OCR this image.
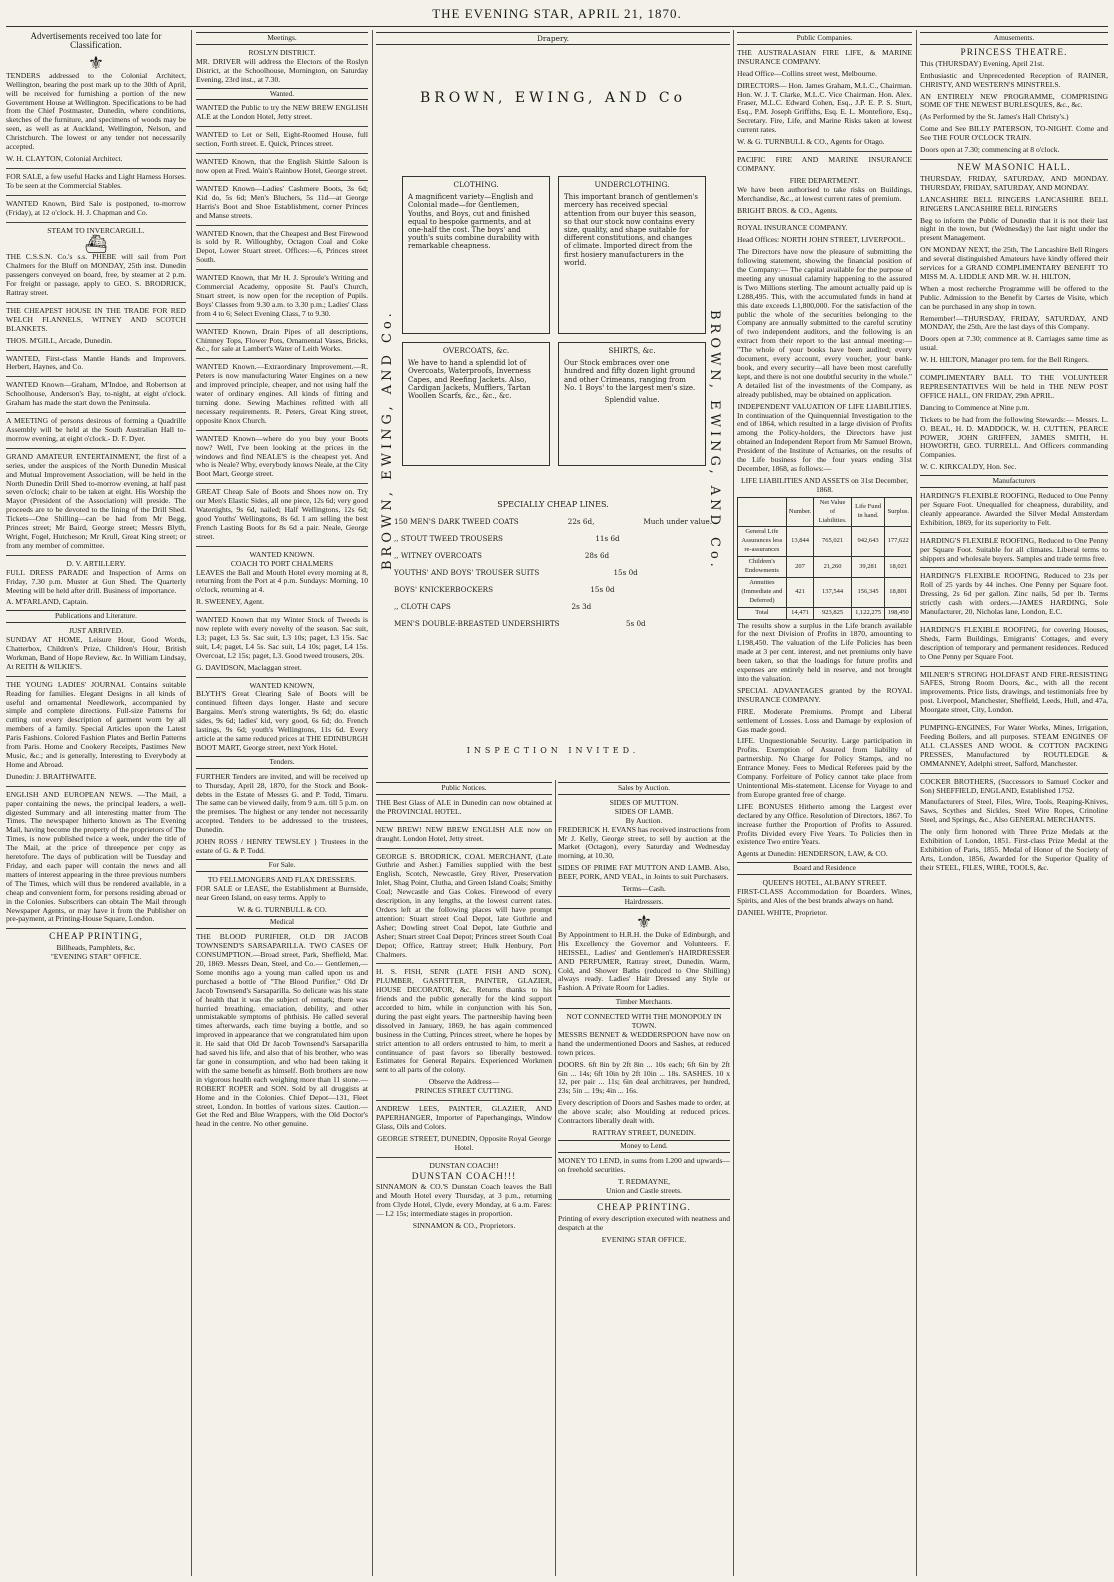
THE EVENING STAR, APRIL 21, 1870.
Advertisements received too late for Classification.
⚜

TENDERS addressed to the Colonial Architect, Wellington, bearing the post mark up to the 30th of April, will be received for furnishing a portion of the new Government House at Wellington. Specifications to be had from the Chief Postmaster, Dunedin, where conditions, sketches of the furniture, and specimens of woods may be seen, as well as at Auckland, Wellington, Nelson, and Christchurch. The lowest or any tender not necessarily accepted.

W. H. CLAYTON, Colonial Architect.

FOR SALE, a few useful Hacks and Light Harness Horses. To be seen at the Commercial Stables.

WANTED Known, Bird Sale is postponed, to-morrow (Friday), at 12 o'clock. H. J. Chapman and Co.

STEAM TO INVERCARGILL.
⛴

THE C.S.S.N. Co.'s s.s. PHEBE will sail from Port Chalmers for the Bluff on MONDAY, 25th inst. Dunedin passengers conveyed on board, free, by steamer at 2 p.m. For freight or passage, apply to GEO. S. BRODRICK, Rattray street.

THE CHEAPEST HOUSE IN THE TRADE FOR RED WELCH FLANNELS, WITNEY AND SCOTCH BLANKETS.

THOS. M'GILL, Arcade, Dunedin.

WANTED, First-class Mantle Hands and Improvers. Herbert, Haynes, and Co.

WANTED Known—Graham, M'Indoe, and Robertson at Schoolhouse, Anderson's Bay, to-night, at eight o'clock. Graham has made the start down the Peninsula.

A MEETING of persons desirous of forming a Quadrille Assembly will be held at the South Australian Hall to-morrow evening, at eight o'clock.- D. F. Dyer.

GRAND AMATEUR ENTERTAINMENT, the first of a series, under the auspices of the North Dunedin Musical and Mutual Improvement Association, will be held in the North Dunedin Drill Shed to-morrow evening, at half past seven o'clock; chair to be taken at eight. His Worship the Mayor (President of the Association) will preside. The proceeds are to be devoted to the lining of the Drill Shed. Tickets—One Shilling—can be had from Mr Begg, Princes street; Mr Baird, George street; Messrs Blyth, Wright, Fogel, Hutcheson; Mr Krull, Great King street; or from any member of committee.

D. V. ARTILLERY.

FULL DRESS PARADE and Inspection of Arms on Friday, 7.30 p.m. Muster at Gun Shed. The Quarterly Meeting will be held after drill. Business of importance.

A. M'FARLAND, Captain.

Publications and Literature.
JUST ARRIVED.

SUNDAY AT HOME, Leisure Hour, Good Words, Chatterbox, Children's Prize, Children's Hour, British Workman, Band of Hope Review, &c. In William Lindsay, At REITH & WILKIE'S.

THE YOUNG LADIES' JOURNAL Contains suitable Reading for families. Elegant Designs in all kinds of useful and ornamental Needlework, accompanied by simple and complete directions. Full-size Patterns for cutting out every description of garment worn by all members of a family. Special Articles upon the Latest Paris Fashions. Colored Fashion Plates and Berlin Patterns from Paris. Home and Cookery Receipts, Pastimes New Music, &c.; and is generally, Interesting to Everybody at Home and Abroad.

Dunedin: J. BRAITHWAITE.

ENGLISH AND EUROPEAN NEWS. —The Mail, a paper containing the news, the principal leaders, a well-digested Summary and all interesting matter from The Times. The newspaper hitherto known as The Evening Mail, having become the property of the proprietors of The Times, is now published twice a week, under the title of The Mail, at the price of threepence per copy as heretofore. The days of publication will be Tuesday and Friday, and each paper will contain the news and all matters of interest appearing in the three previous numbers of The Times, which will thus be rendered available, in a cheap and convenient form, for persons residing abroad or in the Colonies. Subscribers can obtain The Mail through Newspaper Agents, or may have it from the Publisher on pre-payment, at Printing-House Square, London.

CHEAP PRINTING,
Billheads, Pamphlets, &c.
"EVENING STAR" OFFICE.
Meetings.
ROSLYN DISTRICT.

MR. DRIVER will address the Electors of the Roslyn District, at the Schoolhouse, Mornington, on Saturday Evening, 23rd inst., at 7.30.

Wanted.

WANTED the Public to try the NEW BREW ENGLISH ALE at the London Hotel, Jetty street.

WANTED to Let or Sell, Eight-Roomed House, full section, Forth street. E. Quick, Princes street.

WANTED Known, that the English Skittle Saloon is now open at Fred. Wain's Rainbow Hotel, George street.

WANTED Known—Ladies' Cashmere Boots, 3s 6d; Kid do, 5s 6d; Men's Bluchers, 5s 11d—at George Harris's Boot and Shoe Establishment, corner Princes and Manse streets.

WANTED Known, that the Cheapest and Best Firewood is sold by R. Willoughby, Octagon Coal and Coke Depot, Lower Stuart street. Offices:—6, Princes street South.

WANTED Known, that Mr H. J. Sproule's Writing and Commercial Academy, opposite St. Paul's Church, Stuart street, is now open for the reception of Pupils. Boys' Classes from 9.30 a.m. to 3.30 p.m.; Ladies' Class from 4 to 6; Select Evening Class, 7 to 9.30.

WANTED Known, Drain Pipes of all descriptions, Chimney Tops, Flower Pots, Ornamental Vases, Bricks, &c., for sale at Lambert's Water of Leith Works.

WANTED Known.—Extraordinary Improvement.—R. Peters is now manufacturing Water Engines on a new and improved principle, cheaper, and not using half the water of ordinary engines. All kinds of fitting and turning done. Sewing Machines refitted with all necessary requirements. R. Peters, Great King street, opposite Knox Church.

WANTED Known—where do you buy your Boots now? Well, I've been looking at the prices in the windows and find NEALE'S is the cheapest yet. And who is Neale? Why, everybody knows Neale, at the City Boot Mart, George street.

GREAT Cheap Sale of Boots and Shoes now on. Try our Men's Elastic Sides, all one piece, 12s 6d; very good Watertights, 9s 6d, nailed; Half Wellingtons, 12s 6d; good Youths' Wellingtons, 8s 6d. I am selling the best French Lasting Boots for 8s 6d a pair. Neale, George street.

WANTED KNOWN.
COACH TO PORT CHALMERS

LEAVES the Ball and Mouth Hotel every morning at 8, returning from the Port at 4 p.m. Sundays: Morning, 10 o'clock, returning at 4.

R. SWEENEY, Agent.

WANTED Known that my Winter Stock of Tweeds is now replete with every novelty of the season. Sac suit, L3; paget, L3 5s. Sac suit, L3 10s; paget, L3 15s. Sac suit, L4; paget, L4 5s. Sac suit, L4 10s; paget, L4 15s. Overcoat, L2 15s; paget, L3. Good tweed trousers, 20s.

G. DAVIDSON, Maclaggan street.

WANTED KNOWN,

BLYTH'S Great Clearing Sale of Boots will be continued fifteen days longer. Haste and secure Bargains. Men's strong watertights, 9s 6d; do. elastic sides, 9s 6d; ladies' kid, very good, 6s 6d; do. French lastings, 9s 6d; youth's Wellingtons, 11s 6d. Every article at the same reduced prices at THE EDINBURGH BOOT MART, George street, next York Hotel.

Tenders.

FURTHER Tenders are invited, and will be received up to Thursday, April 28, 1870, for the Stock and Book-debts in the Estate of Messrs G. and P. Todd, Timaru. The same can be viewed daily, from 9 a.m. till 5 p.m. on the premises. The highest or any tender not necessarily accepted. Tenders to be addressed to the trustees, Dunedin.

JOHN ROSS / HENRY TEWSLEY } Trustees in the estate of G. & P. Todd.

For Sale.
TO FELLMONGERS AND FLAX DRESSERS.

FOR SALE or LEASE, the Establishment at Burnside, near Green Island, on easy terms. Apply to

W. & G. TURNBULL & CO.
Medical

THE BLOOD PURIFIER, OLD DR JACOB TOWNSEND'S SARSAPARILLA. TWO CASES OF CONSUMPTION.—Broad street, Park, Sheffield, Mar. 20, 1869. Messrs Dean, Steel, and Co.— Gentlemen,—Some months ago a young man called upon us and purchased a bottle of "The Blood Purifier," Old Dr Jacob Townsend's Sarsaparilla. So delicate was his state of health that it was the subject of remark; there was hurried breathing, emaciation, debility, and other unmistakable symptoms of phthisis. He called several times afterwards, each time buying a bottle, and so improved in appearance that we congratulated him upon it. He said that Old Dr Jacob Townsend's Sarsaparilla had saved his life, and also that of his brother, who was far gone in consumption, and who had been taking it with the same benefit as himself. Both brothers are now in vigorous health each weighing more than 11 stone.— ROBERT ROPER and SON. Sold by all druggists at Home and in the Colonies. Chief Depot—131, Fleet street, London. In bottles of various sizes. Caution.—Get the Red and Blue Wrappers, with the Old Doctor's head in the centre. No other genuine.

Drapery.
BROWN, EWING, AND Co
BROWN, EWING, AND Co.	BROWN, EWING, AND Co.
CLOTHING.
A magnificent variety—English and Colonial made—for Gentlemen, Youths, and Boys, cut and finished equal to bespoke garments, and at one-half the cost. The boys' and youth's suits combine durability with remarkable cheapness.
UNDERCLOTHING.
This important branch of gentlemen's mercery has received special attention from our buyer this season, so that our stock now contains every size, quality, and shape suitable for different constitutions, and changes of climate. Imported direct from the first hosiery manufacturers in the world.
OVERCOATS, &c.
We have to hand a splendid lot of Overcoats, Waterproofs, Inverness Capes, and Reefing Jackets. Also, Cardigan Jackets, Mufflers, Tartan Woollen Scarfs, &c., &c., &c.
SHIRTS, &c.
Our Stock embraces over one hundred and fifty dozen light ground and other Crimeans, ranging from No. 1 Boys' to the largest men's size.
Splendid value.
SPECIALLY CHEAP LINES.
150 MEN'S DARK TWEED COATS	22s 6d,	Much under value.
,, STOUT TWEED TROUSERS	11s 6d
,, WITNEY OVERCOATS	28s 6d
YOUTHS' AND BOYS' TROUSER SUITS	15s 0d
BOYS' KNICKERBOCKERS	15s 0d
,, CLOTH CAPS	2s 3d
MEN'S DOUBLE-BREASTED UNDERSHIRTS	5s 0d
INSPECTION INVITED.
Public Notices.

THE Best Glass of ALE in Dunedin can now obtained at the PROVINCIAL HOTEL.

NEW BREW! NEW BREW ENGLISH ALE now on draught. London Hotel, Jetty street.

GEORGE S. BRODRICK, COAL MERCHANT, (Late Guthrie and Asher.) Families supplied with the best English, Scotch, Newcastle, Grey River, Preservation Inlet, Shag Point, Clutha, and Green Island Coals; Smithy Coal; Newcastle and Gas Cokes. Firewood of every description, in any lengths, at the lowest current rates. Orders left at the following places will have prompt attention: Stuart street Coal Depot, late Guthrie and Asher; Dowling street Coal Depot, late Guthrie and Asher; Stuart street Coal Depot; Princes street South Coal Depot; Office, Rattray street; Hulk Henbury, Port Chalmers.

H. S. FISH, SENR (LATE FISH AND SON). PLUMBER, GASFITTER, PAINTER, GLAZIER, HOUSE DECORATOR, &c. Returns thanks to his friends and the public generally for the kind support accorded to him, while in conjunction with his Son, during the past eight years. The partnership having been dissolved in January, 1869, he has again commenced business in the Cutting, Princes street, where he hopes by strict attention to all orders entrusted to him, to merit a continuance of past favors so liberally bestowed. Estimates for General Repairs. Experienced Workmen sent to all parts of the colony.

Observe the Address—
PRINCES STREET CUTTING.

ANDREW LEES, PAINTER, GLAZIER, AND PAPERHANGER, Importer of Paperhangings, Window Glass, Oils and Colors.

GEORGE STREET, DUNEDIN, Opposite Royal George Hotel.
DUNSTAN COACH!!
DUNSTAN COACH!!!

SINNAMON & CO.'S Dunstan Coach leaves the Ball and Mouth Hotel every Thursday, at 3 p.m., returning from Clyde Hotel, Clyde, every Monday, at 6 a.m. Fares:— L2 15s; intermediate stages in proportion.

SINNAMON & CO., Proprietors.
Sales by Auction.
SIDES OF MUTTON.
SIDES OF LAMB.
By Auction.

FREDERICK H. EVANS has received instructions from Mr J. Kelly, George street, to sell by auction at the Market (Octagon), every Saturday and Wednesday morning, at 10.30,

SIDES OF PRIME FAT MUTTON AND LAMB. Also, BEEF, PORK, AND VEAL, in Joints to suit Purchasers.

Terms—Cash.
Hairdressers.
⚜

By Appointment to H.R.H. the Duke of Edinburgh, and His Excellency the Governor and Volunteers. F. HEISSEL, Ladies' and Gentlemen's HAIRDRESSER AND PERFUMER, Rattray street, Dunedin. Warm, Cold, and Shower Baths (reduced to One Shilling) always ready. Ladies' Hair Dressed any Style or Fashion. A Private Room for Ladies.

Timber Merchants.
NOT CONNECTED WITH THE MONOPOLY IN TOWN.

MESSRS BENNET & WEDDERSPOON have now on hand the undermentioned Doors and Sashes, at reduced town prices.

DOORS. 6ft 8in by 2ft 8in ... 10s each; 6ft 6in by 2ft 6in ... 14s; 6ft 10in by 2ft 10in ... 18s. SASHES. 10 x 12, per pair ... 11s; 6in deal architraves, per hundred, 23s; 5in ... 19s; 4in ... 16s.

Every description of Doors and Sashes made to order, at the above scale; also Moulding at reduced prices. Contractors liberally dealt with.

RATTRAY STREET, DUNEDIN.
Money to Lend.

MONEY TO LEND, in sums from L200 and upwards—on freehold securities.

T. REDMAYNE,
Union and Castle streets.
CHEAP PRINTING.

Printing of every description executed with neatness and despatch at the

EVENING STAR OFFICE.
Public Companies.

THE AUSTRALASIAN FIRE LIFE, & MARINE INSURANCE COMPANY.

Head Office—Collins street west, Melbourne.

DIRECTORS— Hon. James Graham, M.L.C., Chairman. Hon. W. J. T. Clarke, M.L.C. Vice Chairman. Hon. Alex. Fraser, M.L.C. Edward Cohen, Esq., J.P. E. P. S. Sturt, Esq., P.M. Joseph Griffiths, Esq. E. L. Montefiore, Esq., Secretary. Fire, Life, and Marine Risks taken at lowest current rates.

W. & G. TURNBULL & CO., Agents for Otago.

PACIFIC FIRE AND MARINE INSURANCE COMPANY.

FIRE DEPARTMENT.

We have been authorised to take risks on Buildings, Merchandise, &c., at lowest current rates of premium.

BRIGHT BROS. & CO., Agents.

ROYAL INSURANCE COMPANY.

Head Offices: NORTH JOHN STREET, LIVERPOOL.

The Directors have now the pleasure of submitting the following statement, showing the financial position of the Company:— The capital available for the purpose of meeting any unusual calamity happening to the assured is Two Millions sterling. The amount actually paid up is L288,495. This, with the accumulated funds in hand at this date exceeds L1,800,000. For the satisfaction of the public the whole of the securities belonging to the Company are annually submitted to the careful scrutiny of two independent auditors, and the following is an extract from their report to the last annual meeting:— "The whole of your books have been audited; every document, every account, every voucher, your bank-book, and every security—all have been most carefully kept, and there is not one doubtful security in the whole." A detailed list of the investments of the Company, as already published, may be obtained on application.

INDEPENDENT VALUATION OF LIFE LIABILITIES.

In continuation of the Quinquennial Investigation to the end of 1864, which resulted in a large division of Profits among the Policy-holders, the Directors have just obtained an Independent Report from Mr Samuel Brown, President of the Institute of Actuaries, on the results of the Life business for the four years ending 31st December, 1868, as follows:—

LIFE LIABILITIES AND ASSETS on 31st December, 1868.
	Number.	Net Value of Liabilities.	Life Fund in hand.	Surplus.
General Life Assurances less re-assurances	13,844	765,021	942,643	177,622
Children's Endowments	207	21,260	39,281	18,021
Annuities (Immediate and Deferred)	421	137,544	156,345	18,801
Total	14,471	923,825	1,122,275	198,450

The results show a surplus in the Life branch available for the next Division of Profits in 1870, amounting to L198,450. The valuation of the Life Policies has been made at 3 per cent. interest, and net premiums only have been taken, so that the loadings for future profits and expenses are entirely held in reserve, and not brought into the valuation.

SPECIAL ADVANTAGES granted by the ROYAL INSURANCE COMPANY.

FIRE. Moderate Premiums. Prompt and Liberal settlement of Losses. Loss and Damage by explosion of Gas made good.

LIFE. Unquestionable Security. Large participation in Profits. Exemption of Assured from liability of partnership. No Charge for Policy Stamps, and no Entrance Money. Fees to Medical Referees paid by the Company. Forfeiture of Policy cannot take place from Unintentional Mis-statement. License for Voyage to and from Europe granted free of charge.

LIFE BONUSES Hitherto among the Largest ever declared by any Office. Resolution of Directors, 1867. To increase further the Proportion of Profits to Assured. Profits Divided every Five Years. To Policies then in existence Two entire Years.

Agents at Dunedin: HENDERSON, LAW, & CO.

Board and Residence
QUEEN'S HOTEL, ALBANY STREET.

FIRST-CLASS Accommodation for Boarders. Wines, Spirits, and Ales of the best brands always on hand.

DANIEL WHITE, Proprietor.

Amusements.
PRINCESS THEATRE.

This (THURSDAY) Evening, April 21st.

Enthusiastic and Unprecedented Reception of RAINER, CHRISTY, AND WESTERN'S MINSTRELS.

AN ENTIRELY NEW PROGRAMME, COMPRISING SOME OF THE NEWEST BURLESQUES, &c., &c.

(As Performed by the St. James's Hall Christy's.)

Come and See BILLY PATERSON, TO-NIGHT. Come and See THE FOUR O'CLOCK TRAIN.

Doors open at 7.30; commencing at 8 o'clock.

NEW MASONIC HALL.

THURSDAY, FRIDAY, SATURDAY, AND MONDAY. THURSDAY, FRIDAY, SATURDAY, AND MONDAY.

LANCASHIRE BELL RINGERS LANCASHIRE BELL RINGERS LANCASHIRE BELL RINGERS

Beg to inform the Public of Dunedin that it is not their last night in the town, but (Wednesday) the last night under the present Management.

ON MONDAY NEXT, the 25th, The Lancashire Bell Ringers and several distinguished Amateurs have kindly offered their services for a GRAND COMPLIMENTARY BENEFIT TO MISS M. A. LIDDLE AND MR. W. H. HILTON,

When a most recherche Programme will be offered to the Public. Admission to the Benefit by Cartes de Visite, which can be purchased in any shop in town.

Remember!—THURSDAY, FRIDAY, SATURDAY, AND MONDAY, the 25th, Are the last days of this Company.

Doors open at 7.30; commence at 8. Carriages same time as usual.

W. H. HILTON, Manager pro tem. for the Bell Ringers.

COMPLIMENTARY BALL TO THE VOLUNTEER REPRESENTATIVES Will be held in THE NEW POST OFFICE HALL, ON FRIDAY, 29th APRIL.

Dancing to Commence at Nine p.m.

Tickets to be had from the following Stewards:— Messrs. L. O. BEAL, H. D. MADDOCK, W. H. CUTTEN, PEARCE POWER, JOHN GRIFFEN, JAMES SMITH, H. HOWORTH, GEO. TURRELL. And Officers commanding Companies.

W. C. KIRKCALDY, Hon. Sec.

Manufacturers

HARDING'S FLEXIBLE ROOFING, Reduced to One Penny per Square Foot. Unequalled for cheapness, durability, and cleanly appearance. Awarded the Silver Medal Amsterdam Exhibition, 1869, for its superiority to Felt.

HARDING'S FLEXIBLE ROOFING, Reduced to One Penny per Square Foot. Suitable for all climates. Liberal terms to shippers and wholesale buyers. Samples and trade terms free.

HARDING'S FLEXIBLE ROOFING, Reduced to 23s per Roll of 25 yards by 44 inches. One Penny per Square foot. Dressing, 2s 6d per gallon. Zinc nails, 5d per lb. Terms strictly cash with orders.—JAMES HARDING, Sole Manufacturer, 20, Nicholas lane, London, E.C.

HARDING'S FLEXIBLE ROOFING, for covering Houses, Sheds, Farm Buildings, Emigrants' Cottages, and every description of temporary and permanent residences. Reduced to One Penny per Square Foot.

MILNER'S STRONG HOLDFAST AND FIRE-RESISTING SAFES, Strong Room Doors, &c., with all the recent improvements. Price lists, drawings, and testimonials free by post. Liverpool, Manchester, Sheffield, Leeds, Hull, and 47a, Moorgate street, City, London.

PUMPING-ENGINES, For Water Works, Mines, Irrigation, Feeding Boilers, and all purposes. STEAM ENGINES OF ALL CLASSES AND WOOL & COTTON PACKING PRESSES, Manufactured by ROUTLEDGE & OMMANNEY, Adelphi street, Salford, Manchester.

COCKER BROTHERS, (Successors to Samuel Cocker and Son) SHEFFIELD, ENGLAND, Established 1752.

Manufacturers of Steel, Files, Wire, Tools, Reaping-Knives, Saws, Scythes and Sickles, Steel Wire Ropes, Crinoline Steel, and Springs, &c., Also GENERAL MERCHANTS.

The only firm honored with Three Prize Medals at the Exhibition of London, 1851. First-class Prize Medal at the Exhibition of Paris, 1855. Medal of Honor of the Society of Arts, London, 1856, Awarded for the Superior Quality of their STEEL, FILES, WIRE, TOOLS, &c.
